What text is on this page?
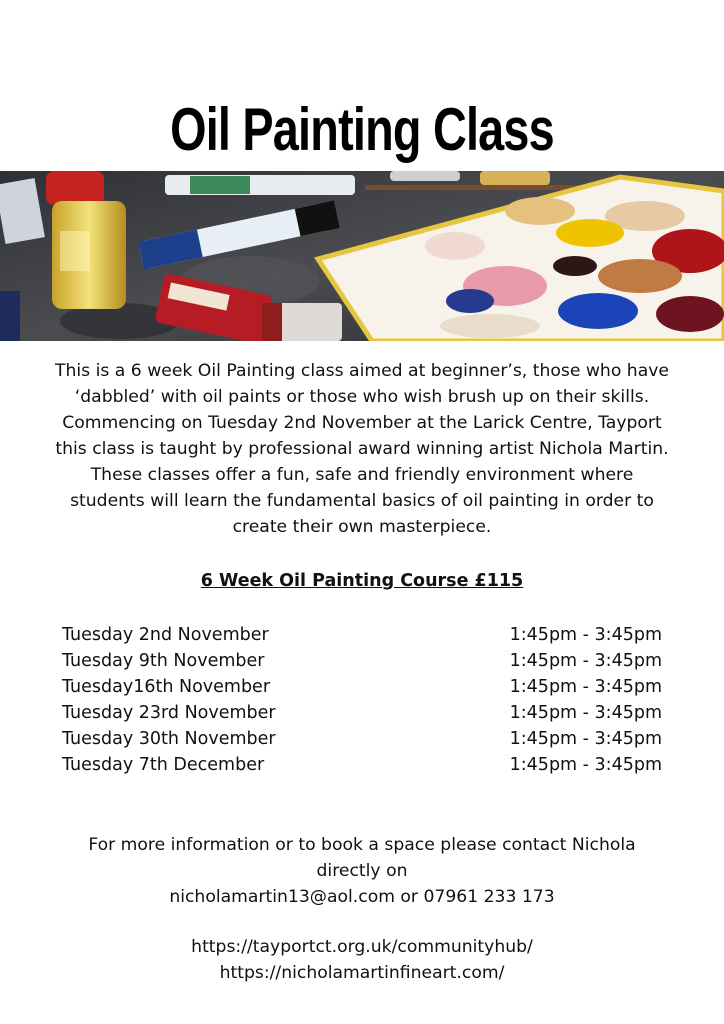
Oil Painting Class

This is a 6 week Oil Painting class aimed at beginner’s, those who have ‘dabbled’ with oil paints or those who wish brush up on their skills. Commencing on Tuesday 2nd November at the Larick Centre, Tayport this class is taught by professional award winning artist Nichola Martin. These classes offer a fun, safe and friendly environment where students will learn the fundamental basics of oil painting in order to create their own masterpiece.

6 Week Oil Painting Course £115
Tuesday 2nd November	1:45pm - 3:45pm
Tuesday 9th November	1:45pm - 3:45pm
Tuesday16th November	1:45pm - 3:45pm
Tuesday 23rd November	1:45pm - 3:45pm
Tuesday 30th November	1:45pm - 3:45pm
Tuesday 7th December	1:45pm - 3:45pm

For more information or to book a space please contact Nichola
directly on
nicholamartin13@aol.com or 07961 233 173

https://tayportct.org.uk/communityhub/
https://nicholamartinfineart.com/
